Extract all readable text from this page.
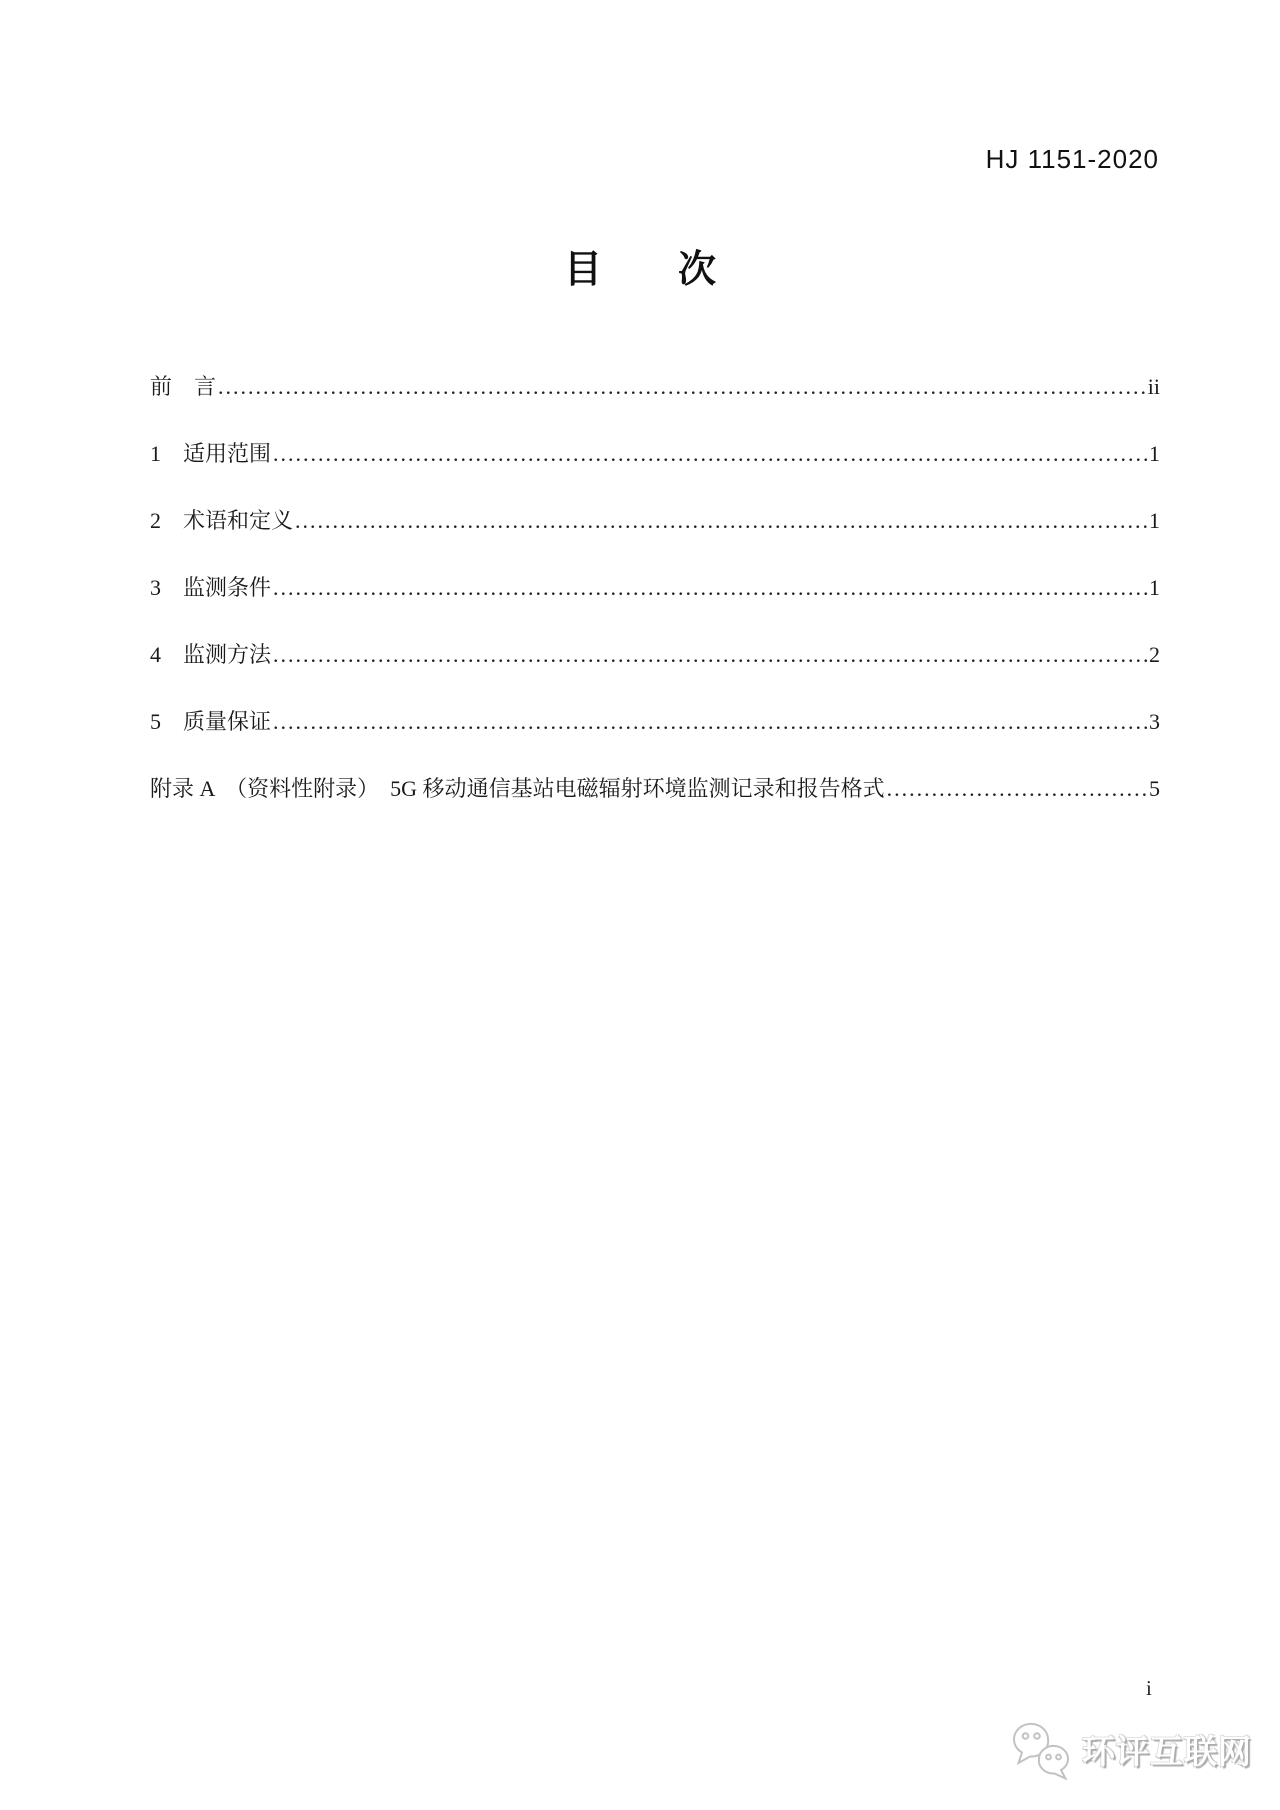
HJ 1151-2020
目　　次
前　言 .....	ii
1　适用范围 .....	1
2　术语和定义 .....	1
3　监测条件 .....	1
4　监测方法 .....	2
5　质量保证 .....	3
附录 A　（资料性附录）　5G 移动通信基站电磁辐射环境监测记录和报告格式 .....	5
i
环评互联网
